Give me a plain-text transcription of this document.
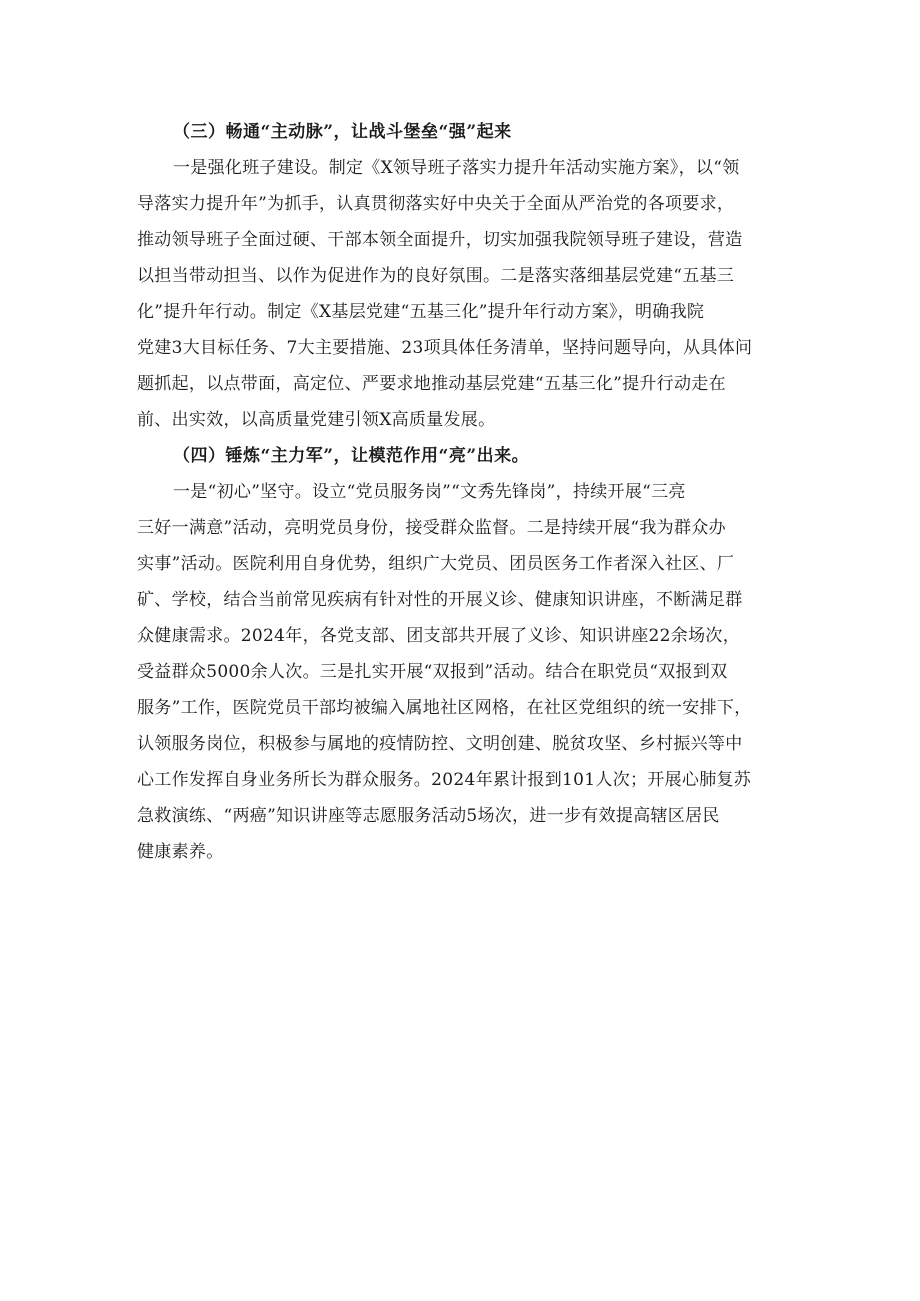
（三）畅通“主动脉”，让战斗堡垒“强”起来

一是强化班子建设。制定《X领导班子落实力提升年活动实施方案》，以“领
导落实力提升年”为抓手，认真贯彻落实好中央关于全面从严治党的各项要求，
推动领导班子全面过硬、干部本领全面提升，切实加强我院领导班子建设，营造
以担当带动担当、以作为促进作为的良好氛围。二是落实落细基层党建“五基三
化”提升年行动。制定《X基层党建“五基三化”提升年行动方案》，明确我院
党建3大目标任务、7大主要措施、23项具体任务清单，坚持问题导向，从具体问
题抓起，以点带面，高定位、严要求地推动基层党建“五基三化”提升行动走在
前、出实效，以高质量党建引领X高质量发展。

（四）锤炼“主力军”，让模范作用“亮”出来。

一是“初心”坚守。设立“党员服务岗”“文秀先锋岗”，持续开展“三亮
三好一满意”活动，亮明党员身份，接受群众监督。二是持续开展“我为群众办
实事”活动。医院利用自身优势，组织广大党员、团员医务工作者深入社区、厂
矿、学校，结合当前常见疾病有针对性的开展义诊、健康知识讲座，不断满足群
众健康需求。2024年，各党支部、团支部共开展了义诊、知识讲座22余场次，
受益群众5000余人次。三是扎实开展“双报到”活动。结合在职党员“双报到双
服务”工作，医院党员干部均被编入属地社区网格，在社区党组织的统一安排下，
认领服务岗位，积极参与属地的疫情防控、文明创建、脱贫攻坚、乡村振兴等中
心工作发挥自身业务所长为群众服务。2024年累计报到101人次；开展心肺复苏
急救演练、“两癌”知识讲座等志愿服务活动5场次，进一步有效提高辖区居民
健康素养。
